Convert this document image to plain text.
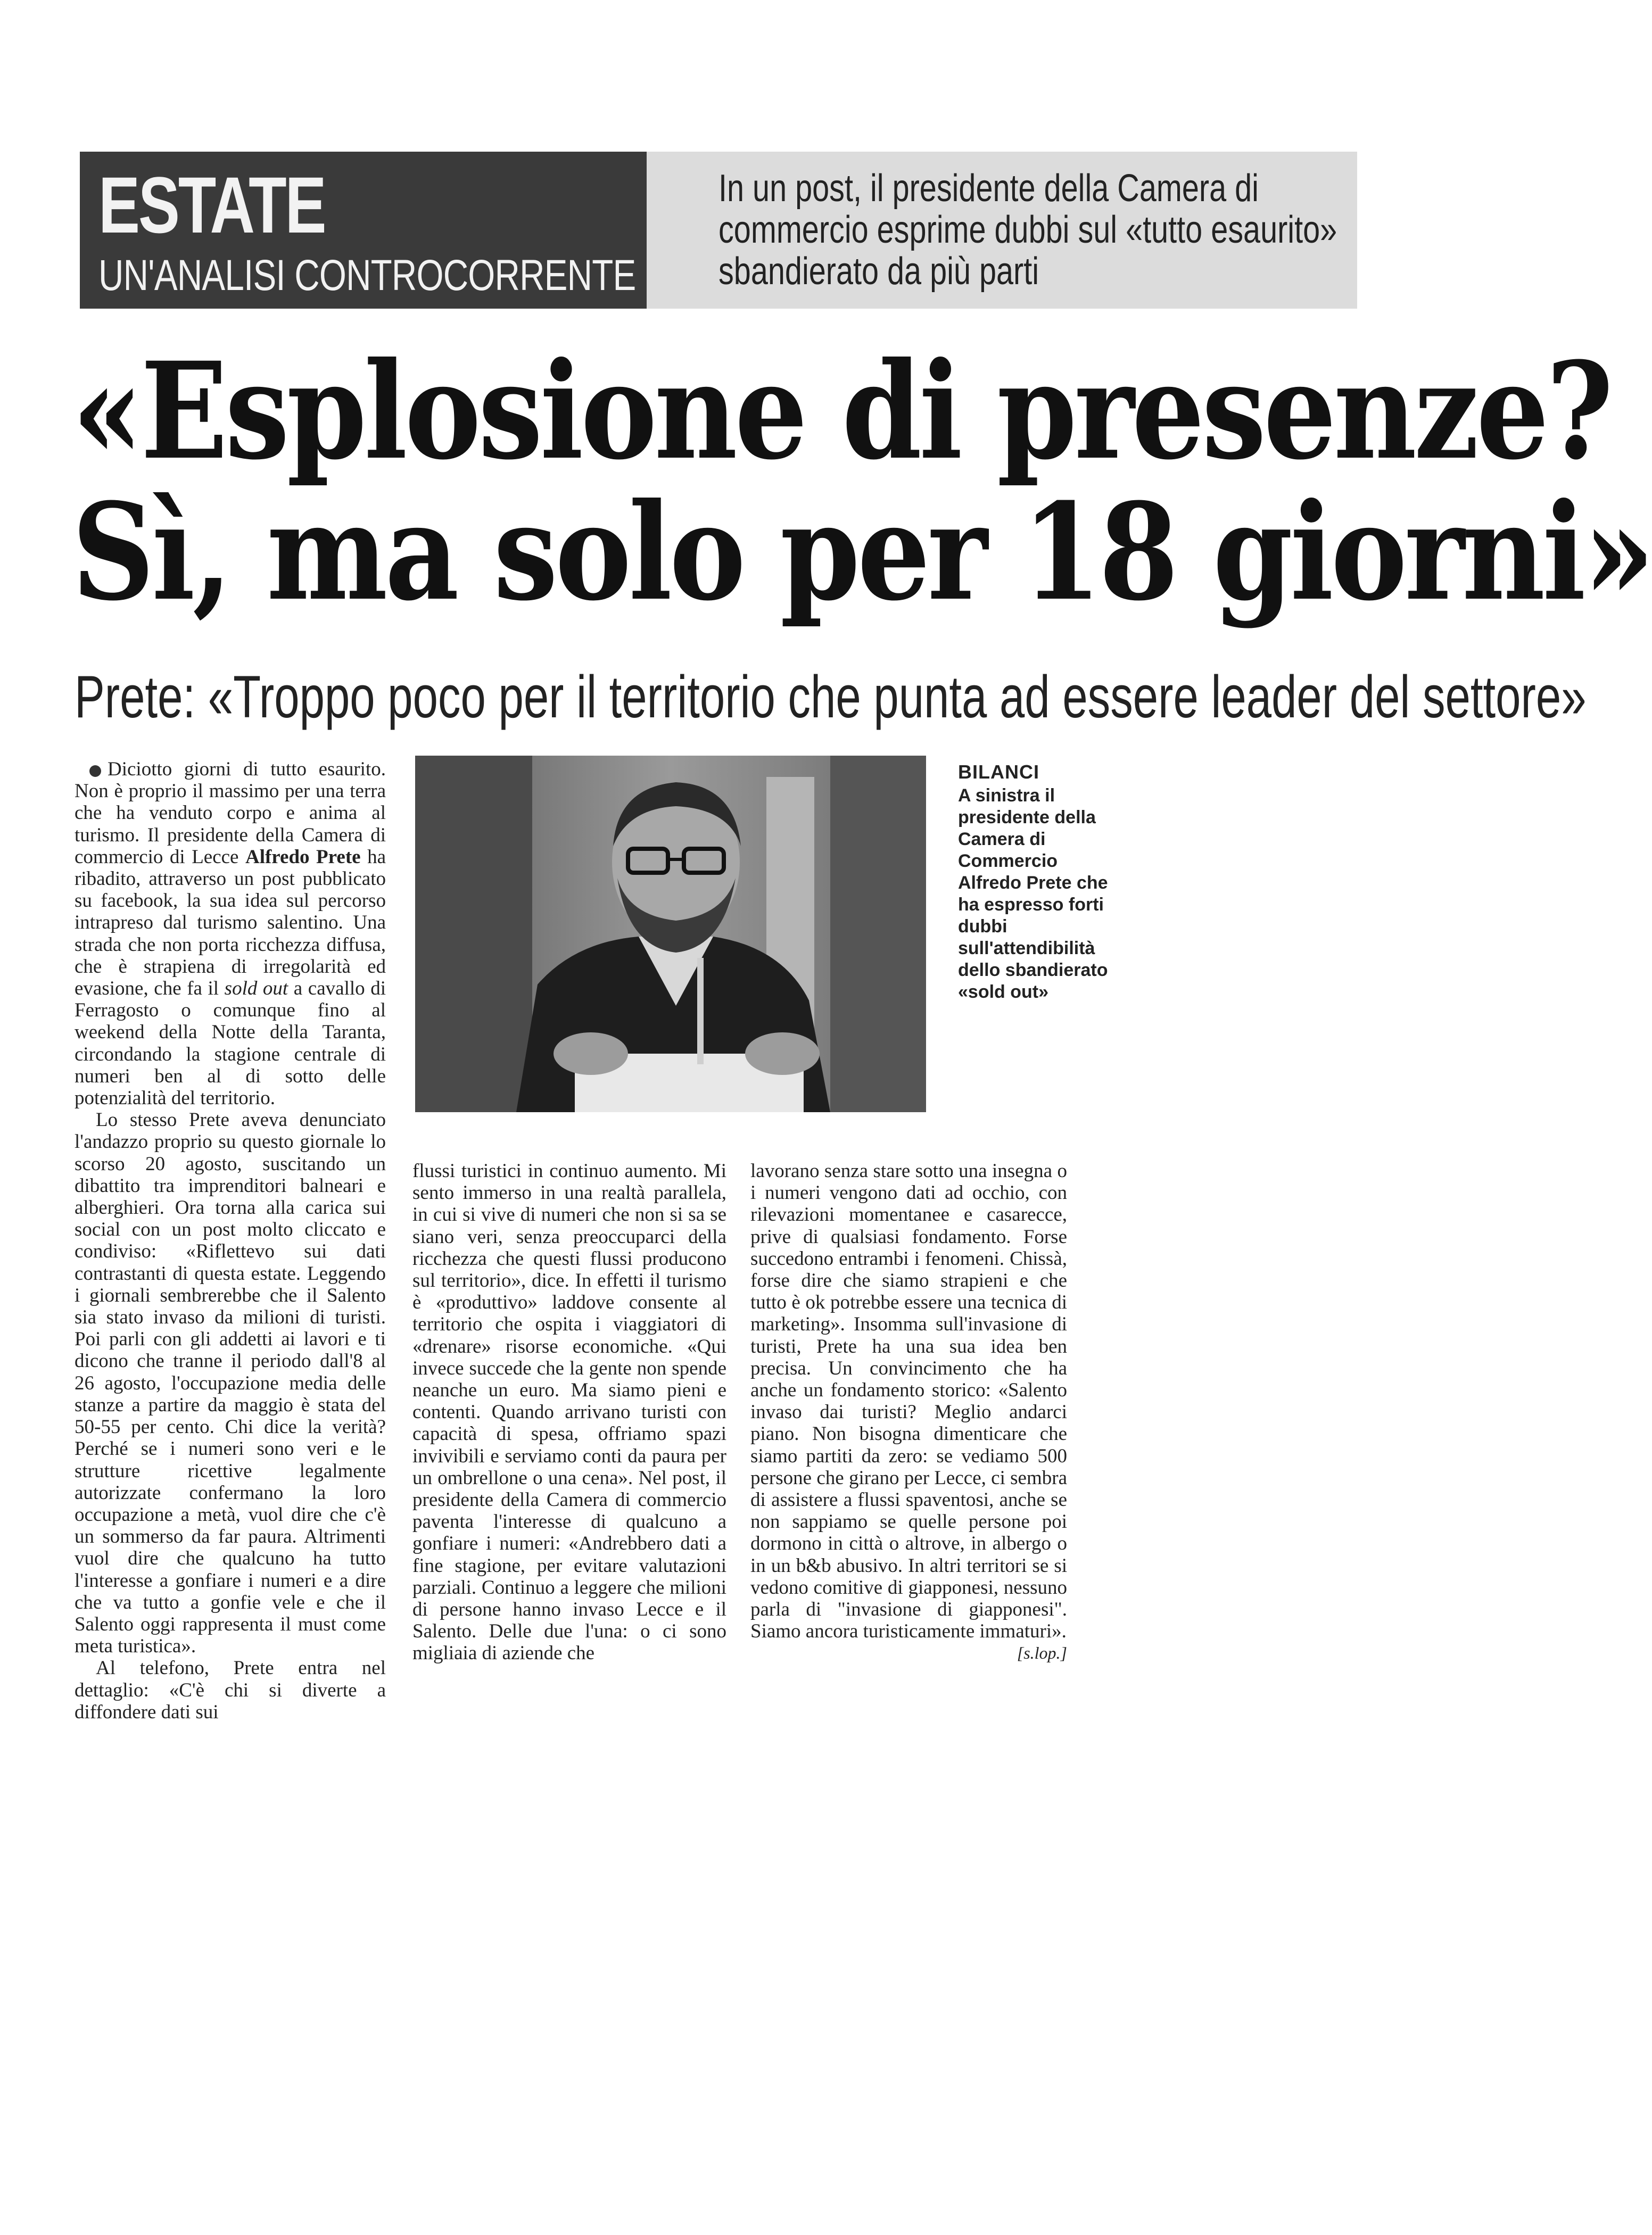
ESTATE
UN'ANALISI CONTROCORRENTE
In un post, il presidente della Camera di commercio esprime dubbi sul «tutto esaurito» sbandierato da più parti
«Esplosione di presenze?
Sì, ma solo per 18 giorni»
Prete: «Troppo poco per il territorio che punta ad essere leader del settore»

Diciotto giorni di tutto esaurito. Non è proprio il massimo per una terra che ha venduto corpo e anima al turismo. Il presidente della Camera di commercio di Lecce Alfredo Prete ha ribadito, attraverso un post pubblicato su facebook, la sua idea sul percorso intrapreso dal turismo salentino. Una strada che non porta ricchezza diffusa, che è strapiena di irregolarità ed evasione, che fa il sold out a cavallo di Ferragosto o comunque fino al weekend della Notte della Taranta, circondando la stagione centrale di numeri ben al di sotto delle potenzialità del territorio.

Lo stesso Prete aveva denunciato l'andazzo proprio su questo giornale lo scorso 20 agosto, suscitando un dibattito tra imprenditori balneari e alberghieri. Ora torna alla carica sui social con un post molto cliccato e condiviso: «Riflettevo sui dati contrastanti di questa estate. Leggendo i giornali sembrerebbe che il Salento sia stato invaso da milioni di turisti. Poi parli con gli addetti ai lavori e ti dicono che tranne il periodo dall'8 al 26 agosto, l'occupazione media delle stanze a partire da maggio è stata del 50-55 per cento. Chi dice la verità? Perché se i numeri sono veri e le strutture ricettive legalmente autorizzate confermano la loro occupazione a metà, vuol dire che c'è un sommerso da far paura. Altrimenti vuol dire che qualcuno ha tutto l'interesse a gonfiare i numeri e a dire che va tutto a gonfie vele e che il Salento oggi rappresenta il must come meta turistica».

Al telefono, Prete entra nel dettaglio: «C'è chi si diverte a diffondere dati sui

BILANCI
A sinistra il presidente della Camera di Commercio Alfredo Prete che ha espresso forti dubbi sull'attendibilità dello sbandierato «sold out»

flussi turistici in continuo aumento. Mi sento immerso in una realtà parallela, in cui si vive di numeri che non si sa se siano veri, senza preoccuparci della ricchezza che questi flussi producono sul territorio», dice. In effetti il turismo è «produttivo» laddove consente al territorio che ospita i viaggiatori di «drenare» risorse economiche. «Qui invece succede che la gente non spende neanche un euro. Ma siamo pieni e contenti. Quando arrivano turisti con capacità di spesa, offriamo spazi invivibili e serviamo conti da paura per un ombrellone o una cena». Nel post, il presidente della Camera di commercio paventa l'interesse di qualcuno a gonfiare i numeri: «Andrebbero dati a fine stagione, per evitare valutazioni parziali. Continuo a leggere che milioni di persone hanno invaso Lecce e il Salento. Delle due l'una: o ci sono migliaia di aziende che

lavorano senza stare sotto una insegna o i numeri vengono dati ad occhio, con rilevazioni momentanee e casarecce, prive di qualsiasi fondamento. Forse succedono entrambi i fenomeni. Chissà, forse dire che siamo strapieni e che tutto è ok potrebbe essere una tecnica di marketing». Insomma sull'invasione di turisti, Prete ha una sua idea ben precisa. Un convincimento che ha anche un fondamento storico: «Salento invaso dai turisti? Meglio andarci piano. Non bisogna dimenticare che siamo partiti da zero: se vediamo 500 persone che girano per Lecce, ci sembra di assistere a flussi spaventosi, anche se non sappiamo se quelle persone poi dormono in città o altrove, in albergo o in un b&b abusivo. In altri territori se si vedono comitive di giapponesi, nessuno parla di "invasione di giapponesi". Siamo ancora turisticamente immaturi».
[s.lop.]
